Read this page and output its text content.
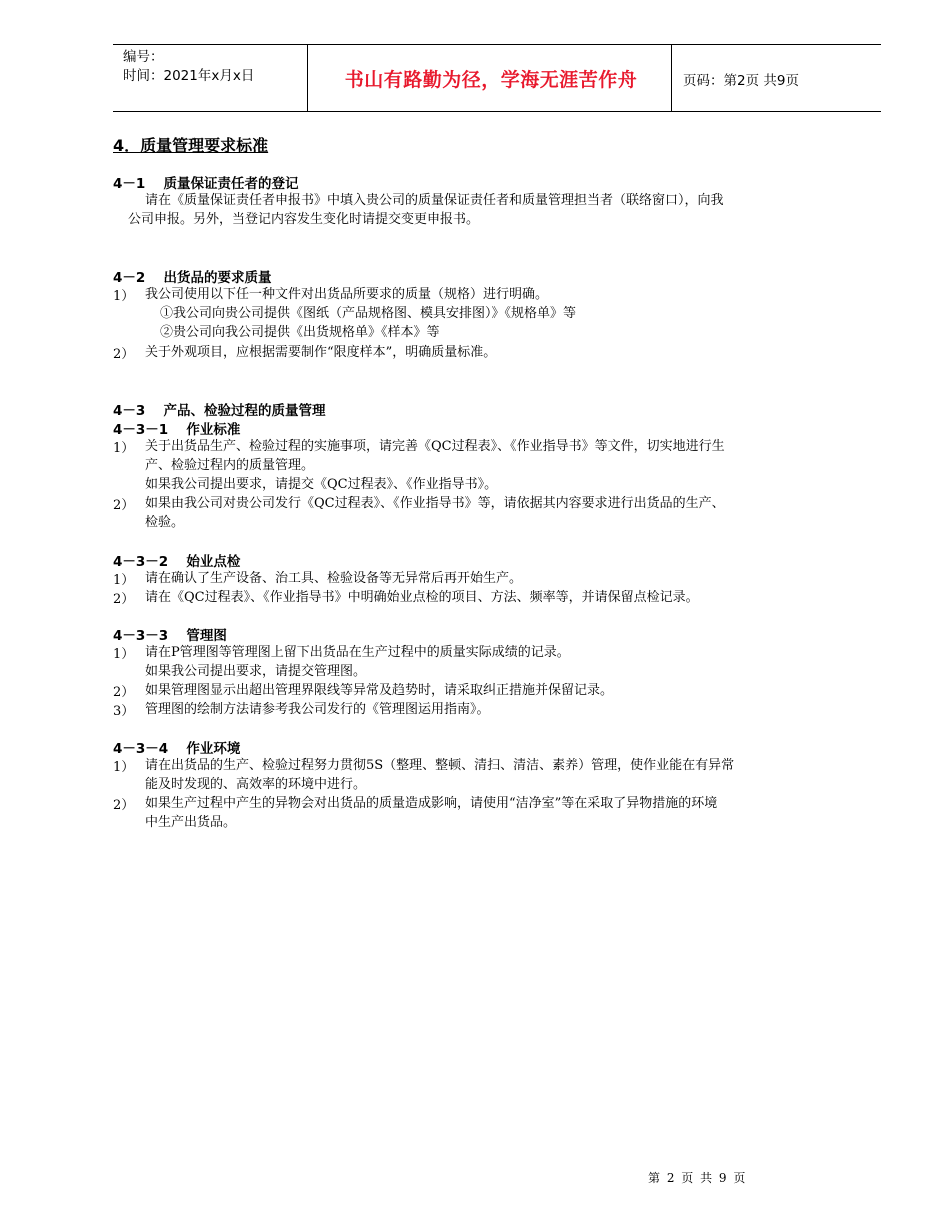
编号：
时间：2021年x月x日	书山有路勤为径，学海无涯苦作舟	页码：第2页 共9页
4．质量管理要求标准
4－1　 质量保证责任者的登记
请在《质量保证责任者申报书》中填入贵公司的质量保证责任者和质量管理担当者（联络窗口），向我
公司申报。另外，当登记内容发生变化时请提交变更申报书。
4－2　 出货品的要求质量
1） 我公司使用以下任一种文件对出货品所要求的质量（规格）进行明确。
①我公司向贵公司提供《图纸（产品规格图、模具安排图）》《规格单》等
②贵公司向我公司提供《出货规格单》《样本》等
2） 关于外观项目，应根据需要制作“限度样本”，明确质量标准。
4－3　 产品、检验过程的质量管理
4－3－1　 作业标准
1） 关于出货品生产、检验过程的实施事项，请完善《QC过程表》、《作业指导书》等文件，切实地进行生
产、检验过程内的质量管理。
如果我公司提出要求，请提交《QC过程表》、《作业指导书》。
2） 如果由我公司对贵公司发行《QC过程表》、《作业指导书》等，请依据其内容要求进行出货品的生产、
检验。
4－3－2　 始业点检
1） 请在确认了生产设备、治工具、检验设备等无异常后再开始生产。
2） 请在《QC过程表》、《作业指导书》中明确始业点检的项目、方法、频率等，并请保留点检记录。
4－3－3　 管理图
1） 请在P管理图等管理图上留下出货品在生产过程中的质量实际成绩的记录。
如果我公司提出要求，请提交管理图。
2） 如果管理图显示出超出管理界限线等异常及趋势时，请采取纠正措施并保留记录。
3） 管理图的绘制方法请参考我公司发行的《管理图运用指南》。
4－3－4　 作业环境
1） 请在出货品的生产、检验过程努力贯彻5S（整理、整顿、清扫、清洁、素养）管理，使作业能在有异常
能及时发现的、高效率的环境中进行。
2） 如果生产过程中产生的异物会对出货品的质量造成影响，请使用“洁净室”等在采取了异物措施的环境
中生产出货品。
第 2 页 共 9 页
